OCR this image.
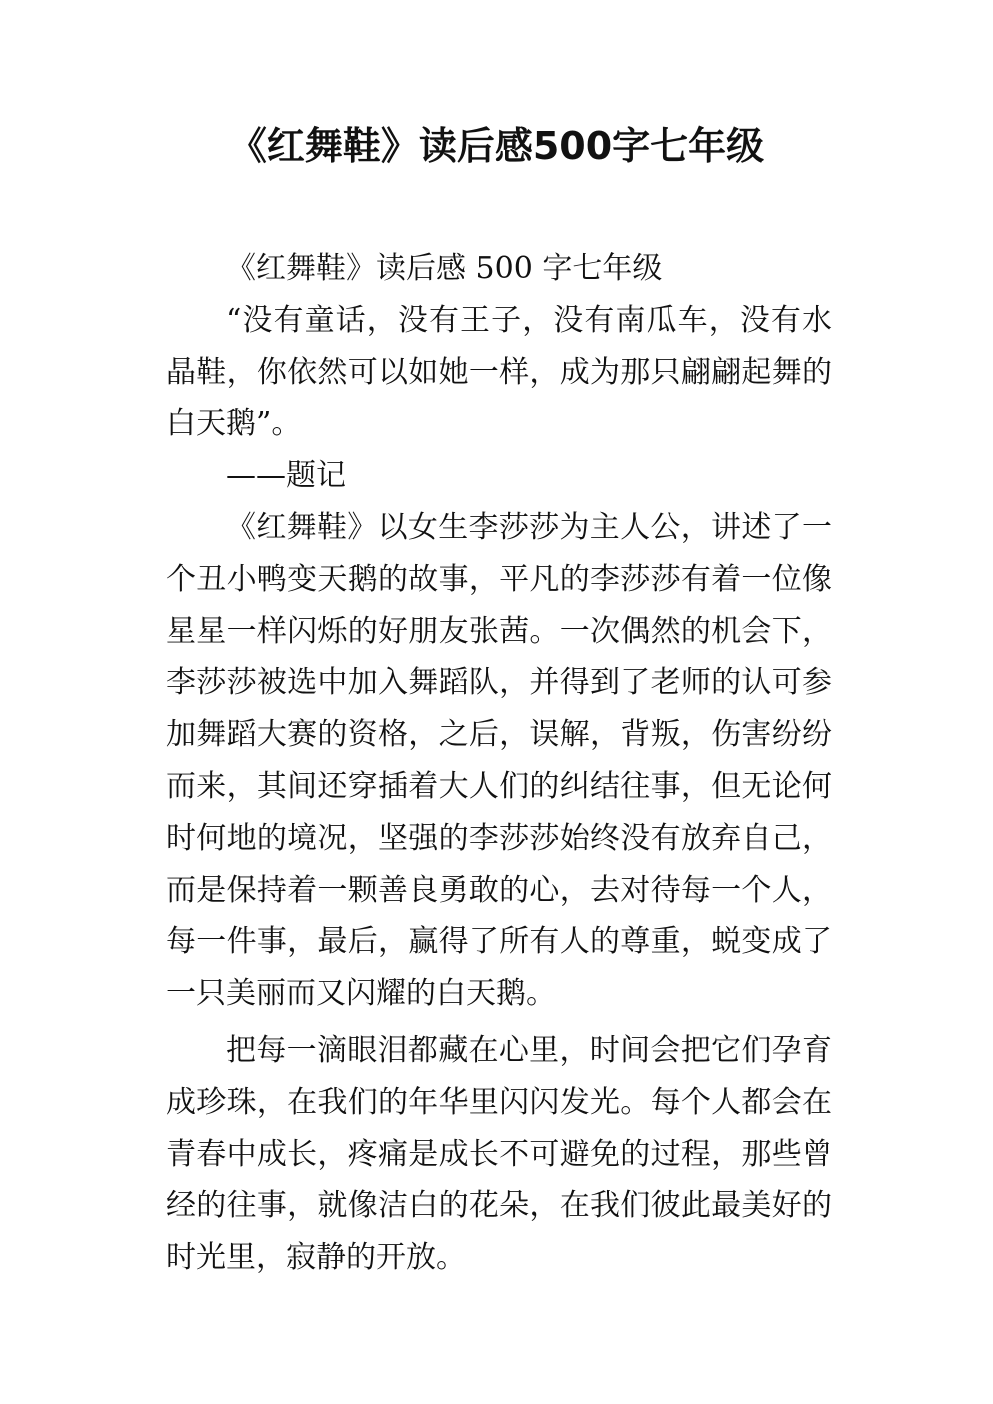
《红舞鞋》读后感500字七年级

《红舞鞋》读后感 500 字七年级

“没有童话，没有王子，没有南瓜车，没有水晶鞋，你依然可以如她一样，成为那只翩翩起舞的白天鹅”。

——题记

《红舞鞋》以女生李莎莎为主人公，讲述了一个丑小鸭变天鹅的故事，平凡的李莎莎有着一位像星星一样闪烁的好朋友张茜。一次偶然的机会下，李莎莎被选中加入舞蹈队，并得到了老师的认可参加舞蹈大赛的资格，之后，误解，背叛，伤害纷纷而来，其间还穿插着大人们的纠结往事，但无论何时何地的境况，坚强的李莎莎始终没有放弃自己，而是保持着一颗善良勇敢的心，去对待每一个人，每一件事，最后，赢得了所有人的尊重，蜕变成了一只美丽而又闪耀的白天鹅。

把每一滴眼泪都藏在心里，时间会把它们孕育成珍珠，在我们的年华里闪闪发光。每个人都会在青春中成长，疼痛是成长不可避免的过程，那些曾经的往事，就像洁白的花朵，在我们彼此最美好的时光里，寂静的开放。
